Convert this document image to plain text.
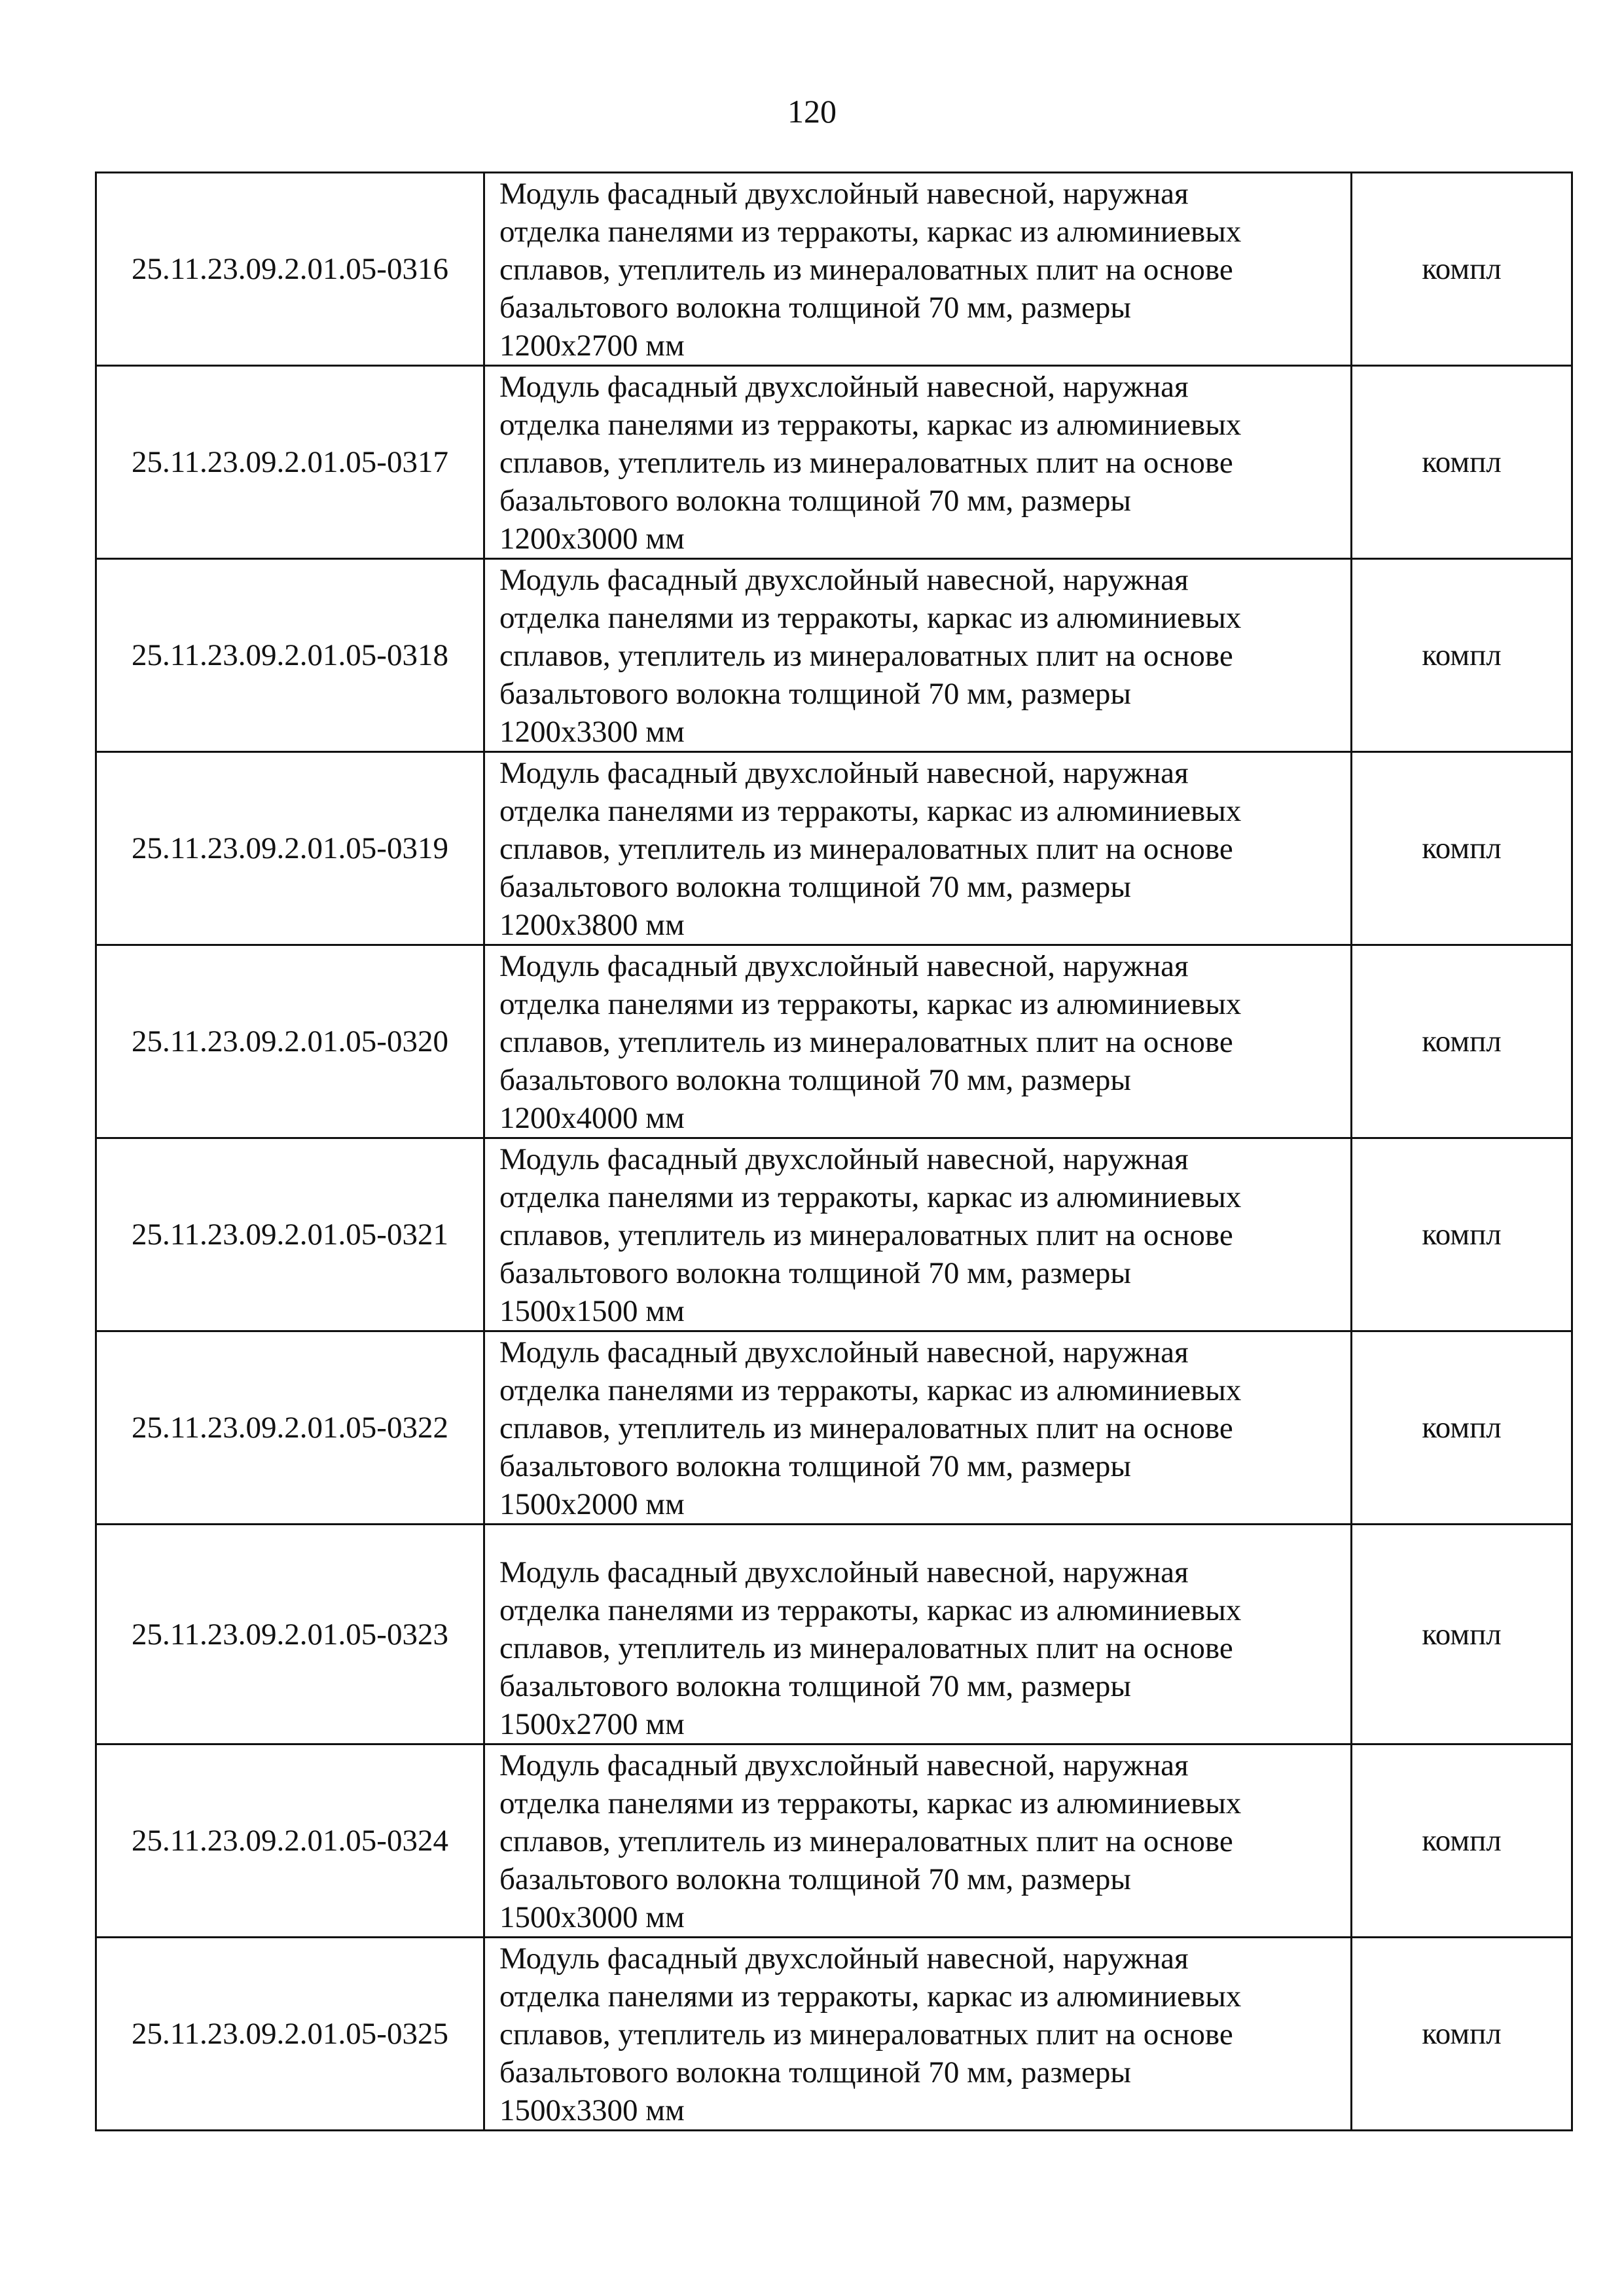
120
25.11.23.09.2.01.05-0316	Модуль фасадный двухслойный навесной, наружная
отделка панелями из терракоты, каркас из алюминиевых
сплавов, утеплитель из минераловатных плит на основе
базальтового волокна толщиной 70 мм, размеры
1200х2700 мм	компл
25.11.23.09.2.01.05-0317	Модуль фасадный двухслойный навесной, наружная
отделка панелями из терракоты, каркас из алюминиевых
сплавов, утеплитель из минераловатных плит на основе
базальтового волокна толщиной 70 мм, размеры
1200х3000 мм	компл
25.11.23.09.2.01.05-0318	Модуль фасадный двухслойный навесной, наружная
отделка панелями из терракоты, каркас из алюминиевых
сплавов, утеплитель из минераловатных плит на основе
базальтового волокна толщиной 70 мм, размеры
1200х3300 мм	компл
25.11.23.09.2.01.05-0319	Модуль фасадный двухслойный навесной, наружная
отделка панелями из терракоты, каркас из алюминиевых
сплавов, утеплитель из минераловатных плит на основе
базальтового волокна толщиной 70 мм, размеры
1200х3800 мм	компл
25.11.23.09.2.01.05-0320	Модуль фасадный двухслойный навесной, наружная
отделка панелями из терракоты, каркас из алюминиевых
сплавов, утеплитель из минераловатных плит на основе
базальтового волокна толщиной 70 мм, размеры
1200х4000 мм	компл
25.11.23.09.2.01.05-0321	Модуль фасадный двухслойный навесной, наружная
отделка панелями из терракоты, каркас из алюминиевых
сплавов, утеплитель из минераловатных плит на основе
базальтового волокна толщиной 70 мм, размеры
1500х1500 мм	компл
25.11.23.09.2.01.05-0322	Модуль фасадный двухслойный навесной, наружная
отделка панелями из терракоты, каркас из алюминиевых
сплавов, утеплитель из минераловатных плит на основе
базальтового волокна толщиной 70 мм, размеры
1500х2000 мм	компл
25.11.23.09.2.01.05-0323	Модуль фасадный двухслойный навесной, наружная
отделка панелями из терракоты, каркас из алюминиевых
сплавов, утеплитель из минераловатных плит на основе
базальтового волокна толщиной 70 мм, размеры
1500х2700 мм	компл
25.11.23.09.2.01.05-0324	Модуль фасадный двухслойный навесной, наружная
отделка панелями из терракоты, каркас из алюминиевых
сплавов, утеплитель из минераловатных плит на основе
базальтового волокна толщиной 70 мм, размеры
1500х3000 мм	компл
25.11.23.09.2.01.05-0325	Модуль фасадный двухслойный навесной, наружная
отделка панелями из терракоты, каркас из алюминиевых
сплавов, утеплитель из минераловатных плит на основе
базальтового волокна толщиной 70 мм, размеры
1500х3300 мм	компл
